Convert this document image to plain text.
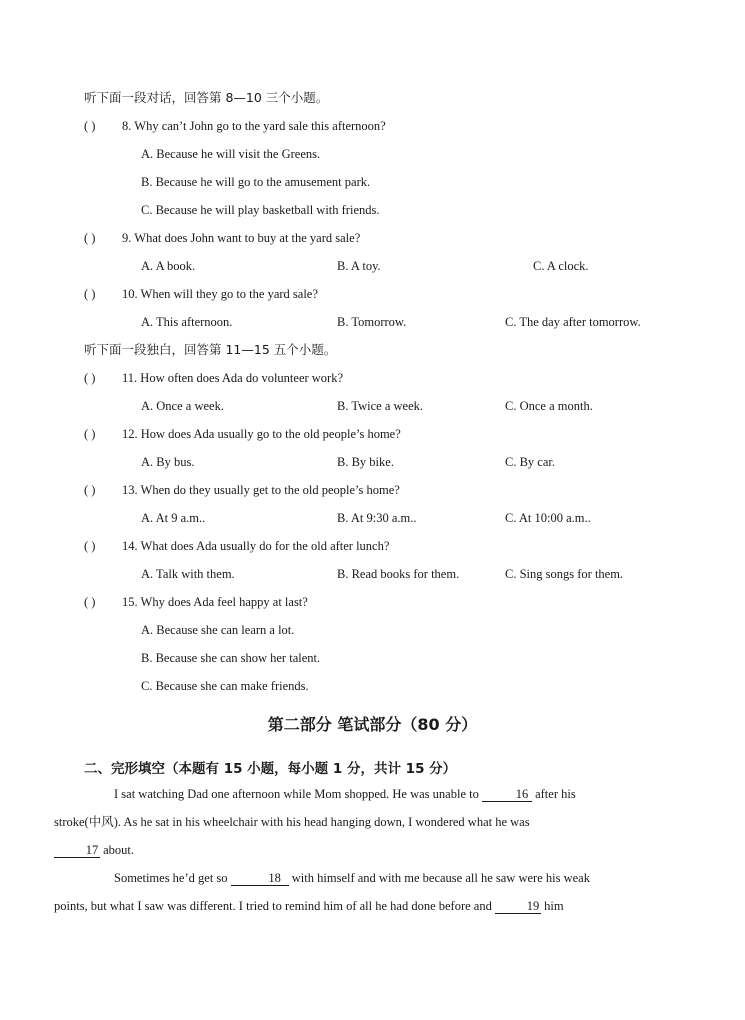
听下面一段对话，回答第 8—10 三个小题。
( ) 8. Why can’t John go to the yard sale this afternoon?
A. Because he will visit the Greens.
B. Because he will go to the amusement park.
C. Because he will play basketball with friends.
( ) 9. What does John want to buy at the yard sale?
A. A book.	B. A toy.	C. A clock.
( ) 10. When will they go to the yard sale?
A. This afternoon.	B. Tomorrow.	C. The day after tomorrow.
听下面一段独白，回答第 11—15 五个小题。
( ) 11. How often does Ada do volunteer work?
A. Once a week.	B. Twice a week.	C. Once a month.
( ) 12. How does Ada usually go to the old people’s home?
A. By bus.	B. By bike.	C. By car.
( ) 13. When do they usually get to the old people’s home?
A. At 9 a.m..	B. At 9:30 a.m..	C. At 10:00 a.m..
( ) 14. What does Ada usually do for the old after lunch?
A. Talk with them.	B. Read books for them.	C. Sing songs for them.
( ) 15. Why does Ada feel happy at last?
A. Because she can learn a lot.
B. Because she can show her talent.
C. Because she can make friends.
第二部分 笔试部分（80 分）
二、完形填空（本题有 15 小题，每小题 1 分，共计 15 分）
I sat watching Dad one afternoon while Mom shopped. He was unable to	16 after his
stroke(中风). As he sat in his wheelchair with his head hanging down, I wondered what he was
17 about.
Sometimes he’d get so	18 with himself and with me because all he saw were his weak
points, but what I saw was different. I tried to remind him of all he had done before and	19 him
